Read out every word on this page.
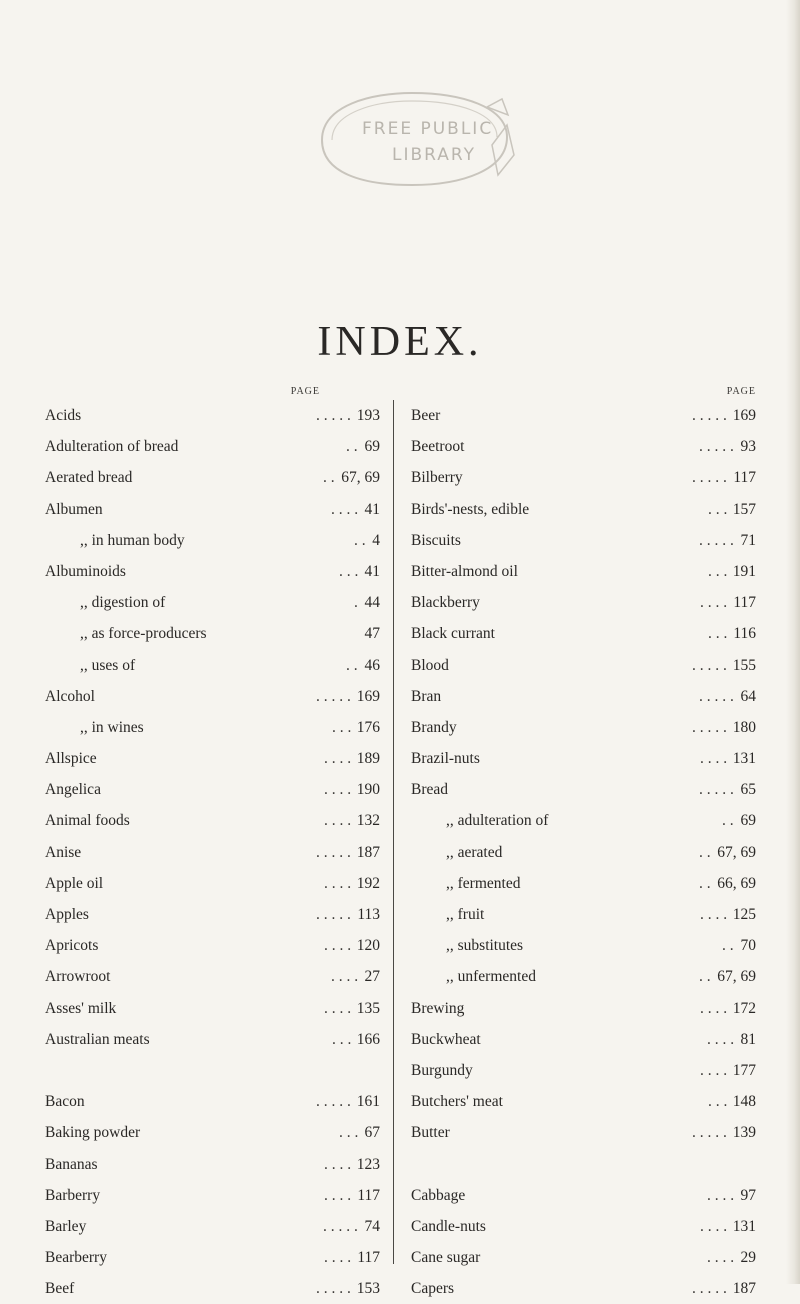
FREE PUBLIC
LIBRARY
INDEX.
PAGE
Acids	. . . . . 193
Adulteration of bread	. . 69
Aerated bread	. . 67, 69
Albumen	. . . . 41
,, in human body	. . 4
Albuminoids	. . . 41
,, digestion of	. 44
,, as force-producers	47
,, uses of	. . 46
Alcohol	. . . . . 169
,, in wines	. . . 176
Allspice	. . . . 189
Angelica	. . . . 190
Animal foods	. . . . 132
Anise	. . . . . 187
Apple oil	. . . . 192
Apples	. . . . . 113
Apricots	. . . . 120
Arrowroot	. . . . 27
Asses' milk	. . . . 135
Australian meats	. . . 166
Bacon	. . . . . 161
Baking powder	. . . 67
Bananas	. . . . 123
Barberry	. . . . 117
Barley	. . . . . 74
Bearberry	. . . . 117
Beef	. . . . . 153
PAGE
Beer	. . . . . 169
Beetroot	. . . . . 93
Bilberry	. . . . . 117
Birds'-nests, edible	. . . 157
Biscuits	. . . . . 71
Bitter-almond oil	. . . 191
Blackberry	. . . . 117
Black currant	. . . 116
Blood	. . . . . 155
Bran	. . . . . 64
Brandy	. . . . . 180
Brazil-nuts	. . . . 131
Bread	. . . . . 65
,, adulteration of	. . 69
,, aerated	. . 67, 69
,, fermented	. . 66, 69
,, fruit	. . . . 125
,, substitutes	. . 70
,, unfermented	. . 67, 69
Brewing	. . . . 172
Buckwheat	. . . . 81
Burgundy	. . . . 177
Butchers' meat	. . . 148
Butter	. . . . . 139
Cabbage	. . . . 97
Candle-nuts	. . . . 131
Cane sugar	. . . . 29
Capers	. . . . . 187
